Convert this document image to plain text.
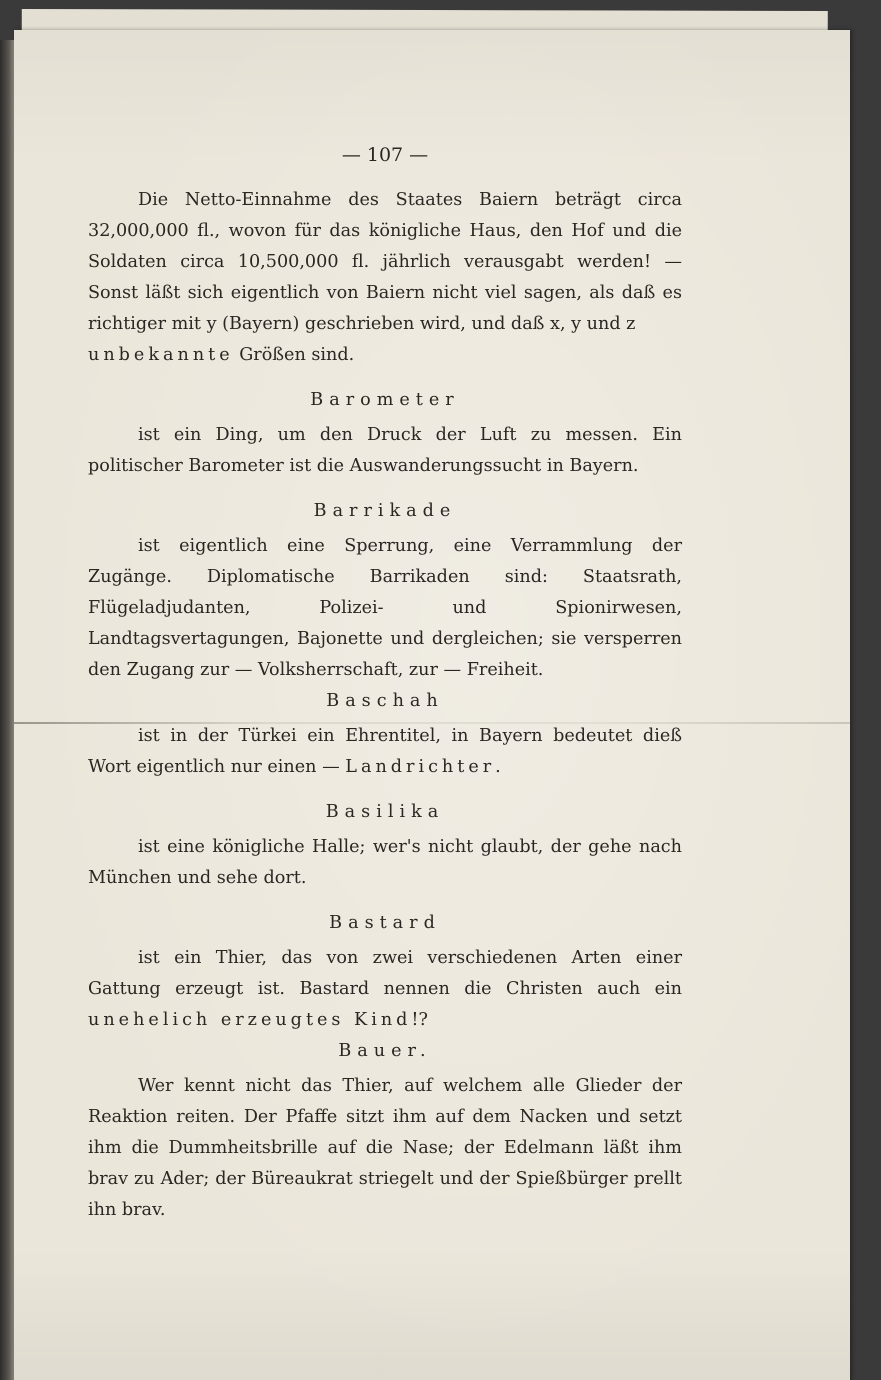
— 107 —

Die Netto-Einnahme des Staates Baiern beträgt circa 32,000,000 fl., wovon für das königliche Haus, den Hof und die Soldaten circa 10,500,000 fl. jährlich verausgabt werden! — Sonst läßt sich eigentlich von Baiern nicht viel sagen, als daß es richtiger mit y (Bayern) geschrieben wird, und daß x, y und z
unbekannte Größen sind.

Barometer

ist ein Ding, um den Druck der Luft zu messen. Ein politischer Barometer ist die Auswanderungssucht in Bayern.

Barrikade

ist eigentlich eine Sperrung, eine Verrammlung der Zugänge. Diplomatische Barrikaden sind: Staatsrath, Flügeladjudanten, Polizei- und Spionirwesen, Landtagsvertagungen, Bajonette und dergleichen; sie versperren den Zugang zur — Volksherrschaft, zur — Freiheit.

Baschah

ist in der Türkei ein Ehrentitel, in Bayern bedeutet dieß Wort eigentlich nur einen — Landrichter.

Basilika

ist eine königliche Halle; wer's nicht glaubt, der gehe nach München und sehe dort.

Bastard

ist ein Thier, das von zwei verschiedenen Arten einer Gattung erzeugt ist. Bastard nennen die Christen auch ein unehelich erzeugtes Kind!?

Bauer.

Wer kennt nicht das Thier, auf welchem alle Glieder der Reaktion reiten. Der Pfaffe sitzt ihm auf dem Nacken und setzt ihm die Dummheitsbrille auf die Nase; der Edelmann läßt ihm brav zu Ader; der Büreaukrat striegelt und der Spießbürger prellt ihn brav.
